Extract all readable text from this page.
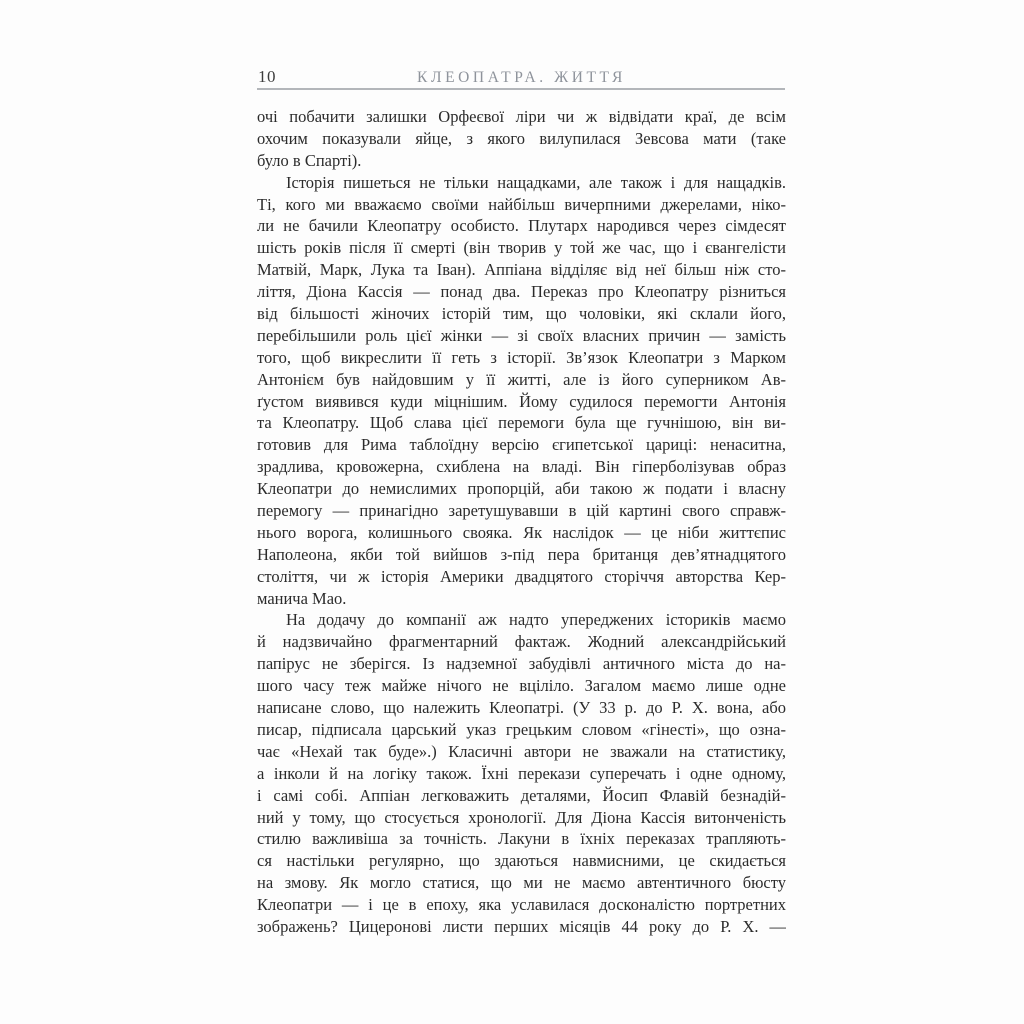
10	КЛЕОПАТРА. ЖИТТЯ
очі побачити залишки Орфеєвої ліри чи ж відвідати краї, де всім
охочим показували яйце, з якого вилупилася Зевсова мати (таке
було в Спарті).
Історія пишеться не тільки нащадками, але також і для нащадків.
Ті, кого ми вважаємо своїми найбільш вичерпними джерелами, ніко-
ли не бачили Клеопатру особисто. Плутарх народився через сімдесят
шість років після її смерті (він творив у той же час, що і євангелісти
Матвій, Марк, Лука та Іван). Аппіана відділяє від неї більш ніж сто-
ліття, Діона Кассія — понад два. Переказ про Клеопатру різниться
від більшості жіночих історій тим, що чоловіки, які склали його,
перебільшили роль цієї жінки — зі своїх власних причин — замість
того, щоб викреслити її геть з історії. Зв’язок Клеопатри з Марком
Антонієм був найдовшим у її житті, але із його суперником Ав-
ґустом виявився куди міцнішим. Йому судилося перемогти Антонія
та Клеопатру. Щоб слава цієї перемоги була ще гучнішою, він ви-
готовив для Рима таблоїдну версію єгипетської цариці: ненаситна,
зрадлива, кровожерна, схиблена на владі. Він гіперболізував образ
Клеопатри до немислимих пропорцій, аби такою ж подати і власну
перемогу — принагідно заретушувавши в цій картині свого справж-
нього ворога, колишнього свояка. Як наслідок — це ніби життєпис
Наполеона, якби той вийшов з-під пера британця дев’ятнадцятого
століття, чи ж історія Америки двадцятого сторіччя авторства Кер-
манича Мао.
На додачу до компанії аж надто упереджених істориків маємо
й надзвичайно фрагментарний фактаж. Жодний александрійський
папірус не зберігся. Із надземної забудівлі античного міста до на-
шого часу теж майже нічого не вціліло. Загалом маємо лише одне
написане слово, що належить Клеопатрі. (У 33 р. до Р. Х. вона, або
писар, підписала царський указ грецьким словом «гінесті», що озна-
чає «Нехай так буде».) Класичні автори не зважали на статистику,
а інколи й на логіку також. Їхні перекази суперечать і одне одному,
і самі собі. Аппіан легковажить деталями, Йосип Флавій безнадій-
ний у тому, що стосується хронології. Для Діона Кассія витонченість
стилю важливіша за точність. Лакуни в їхніх переказах трапляють-
ся настільки регулярно, що здаються навмисними, це скидається
на змову. Як могло статися, що ми не маємо автентичного бюсту
Клеопатри — і це в епоху, яка уславилася досконалістю портретних
зображень? Цицеронові листи перших місяців 44 року до Р. Х. —
